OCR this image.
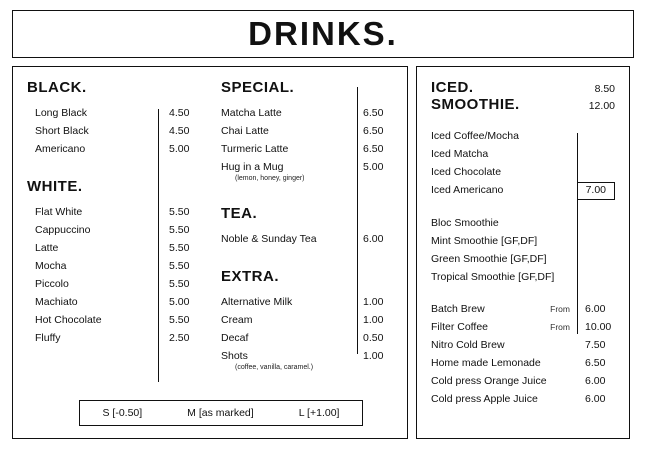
DRINKS.
BLACK.
Long Black	4.50
Short Black	4.50
Americano	5.00
WHITE.
Flat White	5.50
Cappuccino	5.50
Latte	5.50
Mocha	5.50
Piccolo	5.50
Machiato	5.00
Hot Chocolate	5.50
Fluffy	2.50
SPECIAL.
Matcha Latte	6.50
Chai Latte	6.50
Turmeric Latte	6.50
Hug in a Mug	5.00
(lemon, honey, ginger)
TEA.
Noble & Sunday Tea	6.00
EXTRA.
Alternative Milk	1.00
Cream	1.00
Decaf	0.50
Shots	1.00
(coffee, vanilla, caramel.)
S [-0.50]	M [as marked]	L [+1.00]
ICED.	8.50
SMOOTHIE.	12.00
Iced Coffee/Mocha
Iced Matcha
Iced Chocolate
Iced Americano	7.00
Bloc Smoothie
Mint Smoothie [GF,DF]
Green Smoothie [GF,DF]
Tropical Smoothie [GF,DF]
Batch Brew	From	6.00
Filter Coffee	From	10.00
Nitro Cold Brew	7.50
Home made Lemonade	6.50
Cold press Orange Juice	6.00
Cold press Apple Juice	6.00
